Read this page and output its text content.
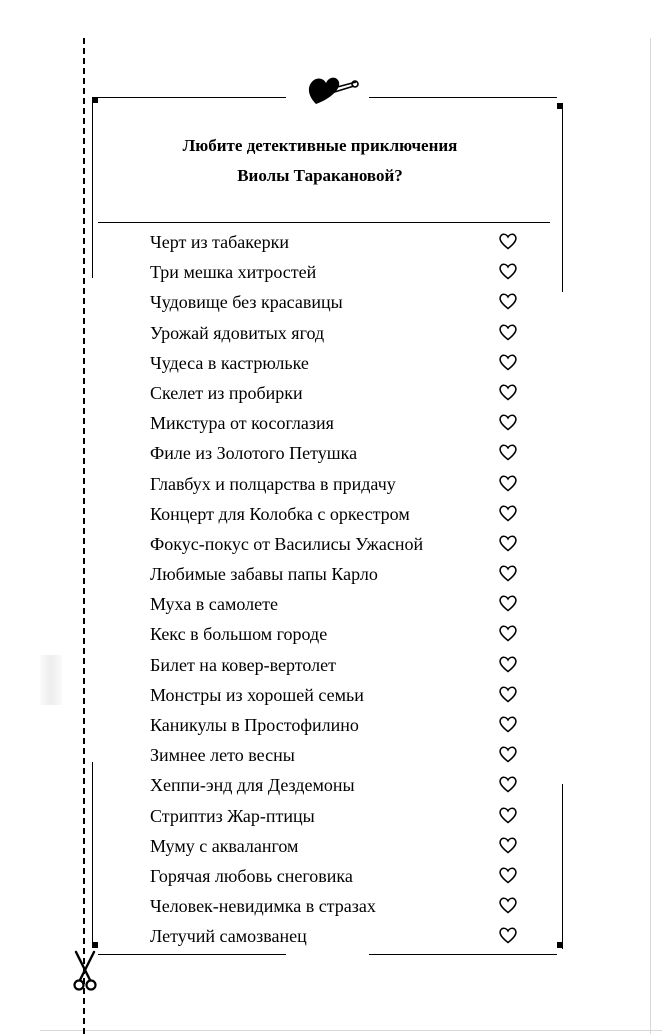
Любите детективные приключения
Виолы Таракановой?
Черт из табакерки
Три мешка хитростей
Чудовище без красавицы
Урожай ядовитых ягод
Чудеса в кастрюльке
Скелет из пробирки
Микстура от косоглазия
Филе из Золотого Петушка
Главбух и полцарства в придачу
Концерт для Колобка с оркестром
Фокус-покус от Василисы Ужасной
Любимые забавы папы Карло
Муха в самолете
Кекс в большом городе
Билет на ковер-вертолет
Монстры из хорошей семьи
Каникулы в Простофилино
Зимнее лето весны
Хеппи-энд для Дездемоны
Стриптиз Жар-птицы
Муму с аквалангом
Горячая любовь снеговика
Человек-невидимка в стразах
Летучий самозванец
